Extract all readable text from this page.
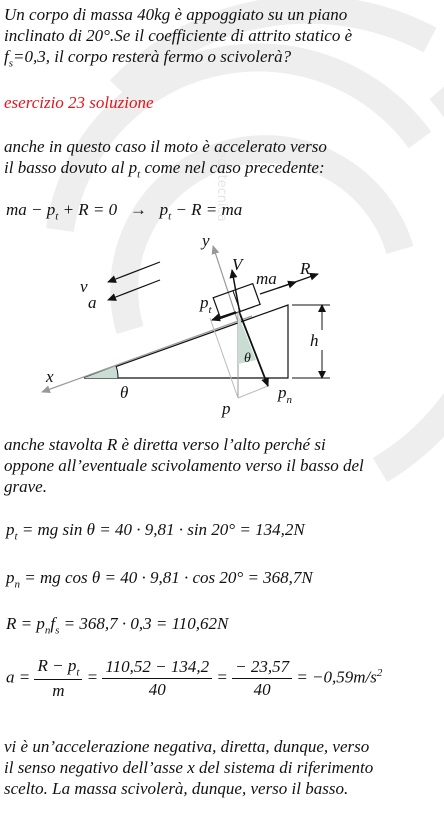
edutecnica
Un corpo di massa 40kg è appoggiato su un piano
inclinato di 20°.Se il coefficiente di attrito statico è
$f_s=0,3$, il corpo resterà fermo o scivolerà?
esercizio 23 soluzione
anche in questo caso il moto è accelerato verso
il basso dovuto al $p_t$ come nel caso precedente:
ma − $p_t + R = 0 \to p_t - R$ = ma
y
x
V
ma
R
v
a	$p_t$
$p_n$
p
h
θ
θ
anche stavolta R è diretta verso l’alto perché si
oppone all’eventuale scivolamento verso il basso del
grave.
$p_t$ = mg sin θ = 40 · 9,81 · sin 20° = 134,2N
$p_n$ = mg cos θ = 40 · 9,81 · cos 20° = 368,7N
$R = p_nf_s = 368,7 \cdot 0,3 = 110,62N$
$a = \frac{R - p_t}{m} = \frac{110,52 - 134,2}{40} = \frac{- 23,57}{40} = -0,59m/s^2$
vi è un’accelerazione negativa, diretta, dunque, verso
il senso negativo dell’asse x del sistema di riferimento
scelto. La massa scivolerà, dunque, verso il basso.
